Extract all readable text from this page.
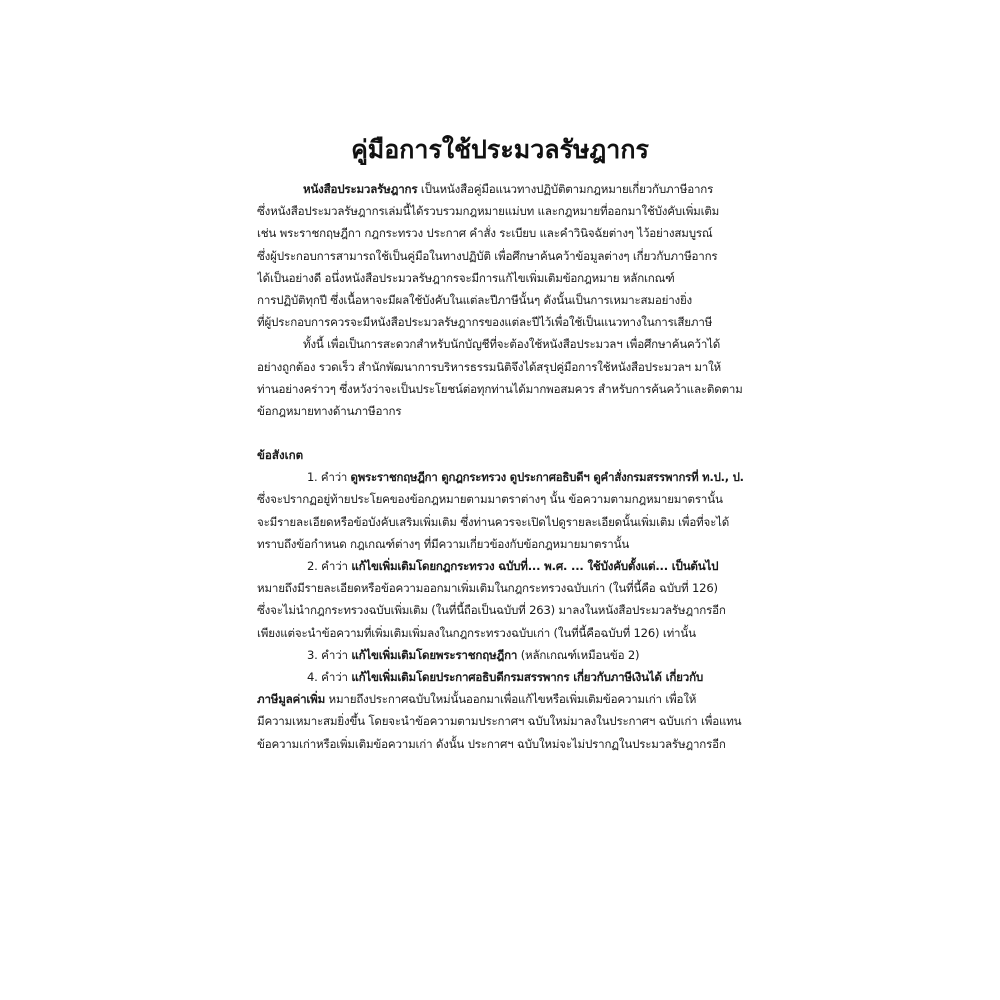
คู่มือการใช้ประมวลรัษฎากร
หนังสือประมวลรัษฎากร เป็นหนังสือคู่มือแนวทางปฏิบัติตามกฎหมายเกี่ยวกับภาษีอากร
ซึ่งหนังสือประมวลรัษฎากรเล่มนี้ได้รวบรวมกฎหมายแม่บท และกฎหมายที่ออกมาใช้บังคับเพิ่มเติม
เช่น พระราชกฤษฎีกา กฎกระทรวง ประกาศ คำสั่ง ระเบียบ และคำวินิจฉัยต่างๆ ไว้อย่างสมบูรณ์
ซึ่งผู้ประกอบการสามารถใช้เป็นคู่มือในทางปฏิบัติ เพื่อศึกษาค้นคว้าข้อมูลต่างๆ เกี่ยวกับภาษีอากร
ได้เป็นอย่างดี อนึ่งหนังสือประมวลรัษฎากรจะมีการแก้ไขเพิ่มเติมข้อกฎหมาย หลักเกณฑ์
การปฏิบัติทุกปี ซึ่งเนื้อหาจะมีผลใช้บังคับในแต่ละปีภาษีนั้นๆ ดังนั้นเป็นการเหมาะสมอย่างยิ่ง
ที่ผู้ประกอบการควรจะมีหนังสือประมวลรัษฎากรของแต่ละปีไว้เพื่อใช้เป็นแนวทางในการเสียภาษี
ทั้งนี้ เพื่อเป็นการสะดวกสำหรับนักบัญชีที่จะต้องใช้หนังสือประมวลฯ เพื่อศึกษาค้นคว้าได้
อย่างถูกต้อง รวดเร็ว สำนักพัฒนาการบริหารธรรมนิติจึงได้สรุปคู่มือการใช้หนังสือประมวลฯ มาให้
ท่านอย่างคร่าวๆ ซึ่งหวังว่าจะเป็นประโยชน์ต่อทุกท่านได้มากพอสมควร สำหรับการค้นคว้าและติดตาม
ข้อกฎหมายทางด้านภาษีอากร
ข้อสังเกต
1. คำว่า ดูพระราชกฤษฎีกา ดูกฎกระทรวง ดูประกาศอธิบดีฯ ดูคำสั่งกรมสรรพากรที่ ท.ป., ป.
ซึ่งจะปรากฏอยู่ท้ายประโยคของข้อกฎหมายตามมาตราต่างๆ นั้น ข้อความตามกฎหมายมาตรานั้น
จะมีรายละเอียดหรือข้อบังคับเสริมเพิ่มเติม ซึ่งท่านควรจะเปิดไปดูรายละเอียดนั้นเพิ่มเติม เพื่อที่จะได้
ทราบถึงข้อกำหนด กฎเกณฑ์ต่างๆ ที่มีความเกี่ยวข้องกับข้อกฎหมายมาตรานั้น
2. คำว่า แก้ไขเพิ่มเติมโดยกฎกระทรวง ฉบับที่... พ.ศ. ... ใช้บังคับตั้งแต่... เป็นต้นไป
หมายถึงมีรายละเอียดหรือข้อความออกมาเพิ่มเติมในกฎกระทรวงฉบับเก่า (ในที่นี้คือ ฉบับที่ 126)
ซึ่งจะไม่นำกฎกระทรวงฉบับเพิ่มเติม (ในที่นี้ถือเป็นฉบับที่ 263) มาลงในหนังสือประมวลรัษฎากรอีก
เพียงแต่จะนำข้อความที่เพิ่มเติมเพิ่มลงในกฎกระทรวงฉบับเก่า (ในที่นี้คือฉบับที่ 126) เท่านั้น
3. คำว่า แก้ไขเพิ่มเติมโดยพระราชกฤษฎีกา (หลักเกณฑ์เหมือนข้อ 2)
4. คำว่า แก้ไขเพิ่มเติมโดยประกาศอธิบดีกรมสรรพากร เกี่ยวกับภาษีเงินได้ เกี่ยวกับ
ภาษีมูลค่าเพิ่ม หมายถึงประกาศฉบับใหม่นั้นออกมาเพื่อแก้ไขหรือเพิ่มเติมข้อความเก่า เพื่อให้
มีความเหมาะสมยิ่งขึ้น โดยจะนำข้อความตามประกาศฯ ฉบับใหม่มาลงในประกาศฯ ฉบับเก่า เพื่อแทน
ข้อความเก่าหรือเพิ่มเติมข้อความเก่า ดังนั้น ประกาศฯ ฉบับใหม่จะไม่ปรากฏในประมวลรัษฎากรอีก
